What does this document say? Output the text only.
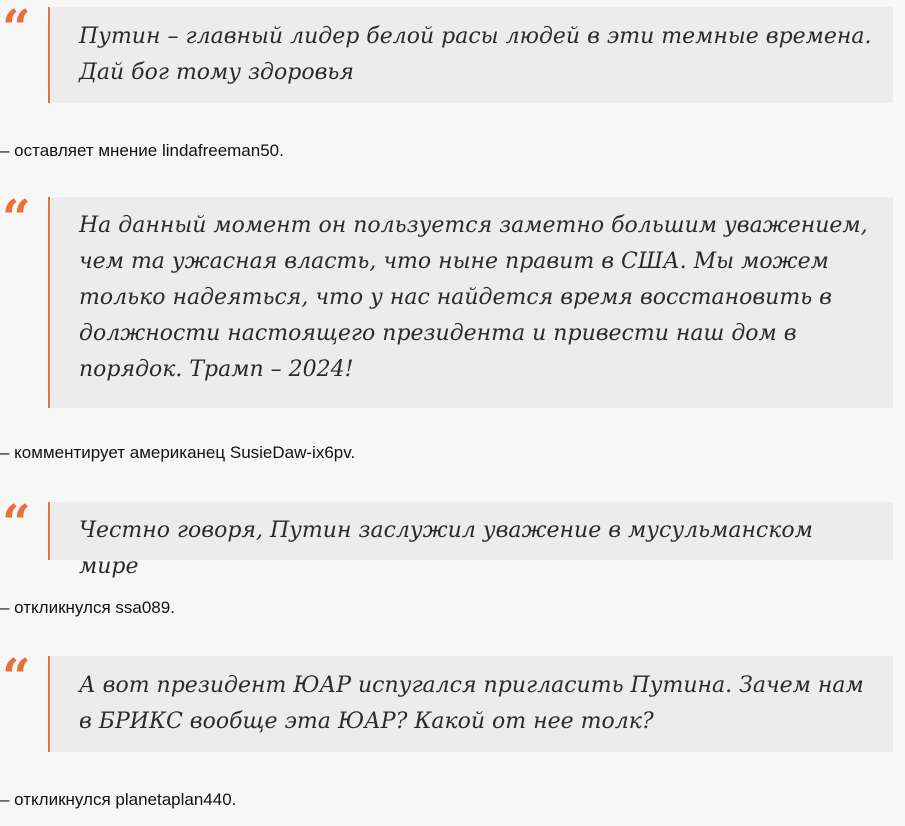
“ Путин – главный лидер белой расы людей в эти темные времена. Дай бог тому здоровья

– оставляет мнение lindafreeman50.
“ На данный момент он пользуется заметно большим уважением, чем та ужасная власть, что ныне правит в США. Мы можем только надеяться, что у нас найдется время восстановить в должности настоящего президента и привести наш дом в порядок. Трамп – 2024!

– комментирует американец SusieDaw-ix6pv.
“ Честно говоря, Путин заслужил уважение в мусульманском мире

– откликнулся ssa089.
“ А вот президент ЮАР испугался пригласить Путина. Зачем нам в БРИКС вообще эта ЮАР? Какой от нее толк?

– откликнулся planetaplan440.
